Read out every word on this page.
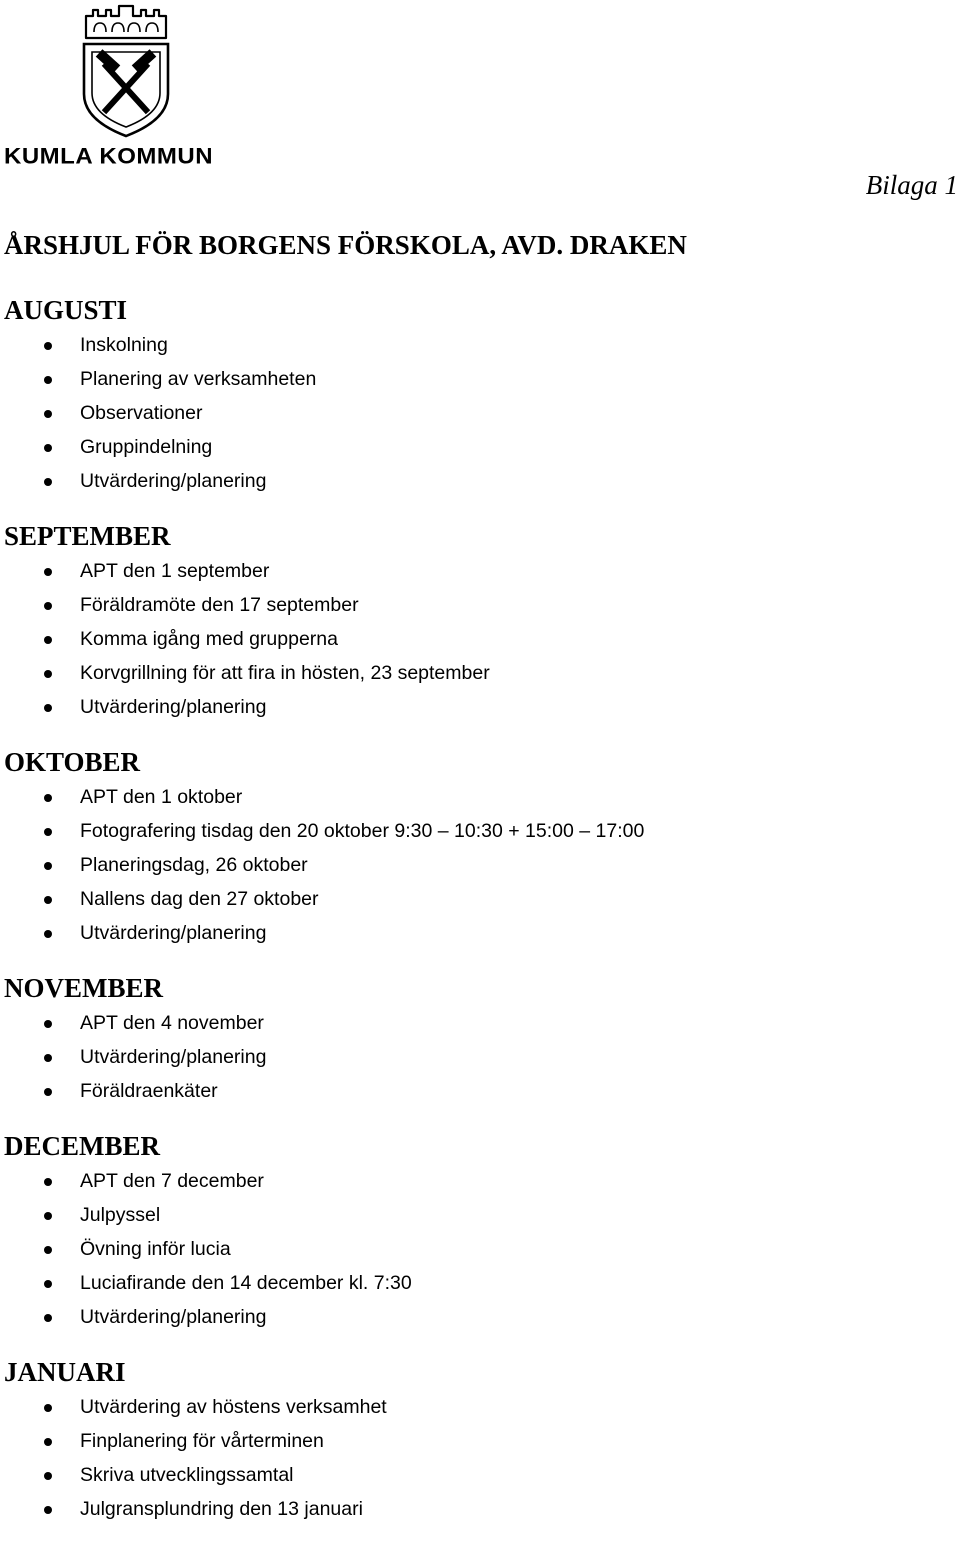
KUMLA KOMMUN
Bilaga 1
ÅRSHJUL FÖR BORGENS FÖRSKOLA, AVD. DRAKEN
AUGUSTI
Inskolning
Planering av verksamheten
Observationer
Gruppindelning
Utvärdering/planering
SEPTEMBER
APT den 1 september
Föräldramöte den 17 september
Komma igång med grupperna
Korvgrillning för att fira in hösten, 23 september
Utvärdering/planering
OKTOBER
APT den 1 oktober
Fotografering tisdag den 20 oktober 9:30 – 10:30 + 15:00 – 17:00
Planeringsdag, 26 oktober
Nallens dag den 27 oktober
Utvärdering/planering
NOVEMBER
APT den 4 november
Utvärdering/planering
Föräldraenkäter
DECEMBER
APT den 7 december
Julpyssel
Övning inför lucia
Luciafirande den 14 december kl. 7:30
Utvärdering/planering
JANUARI
Utvärdering av höstens verksamhet
Finplanering för vårterminen
Skriva utvecklingssamtal
Julgransplundring den 13 januari
